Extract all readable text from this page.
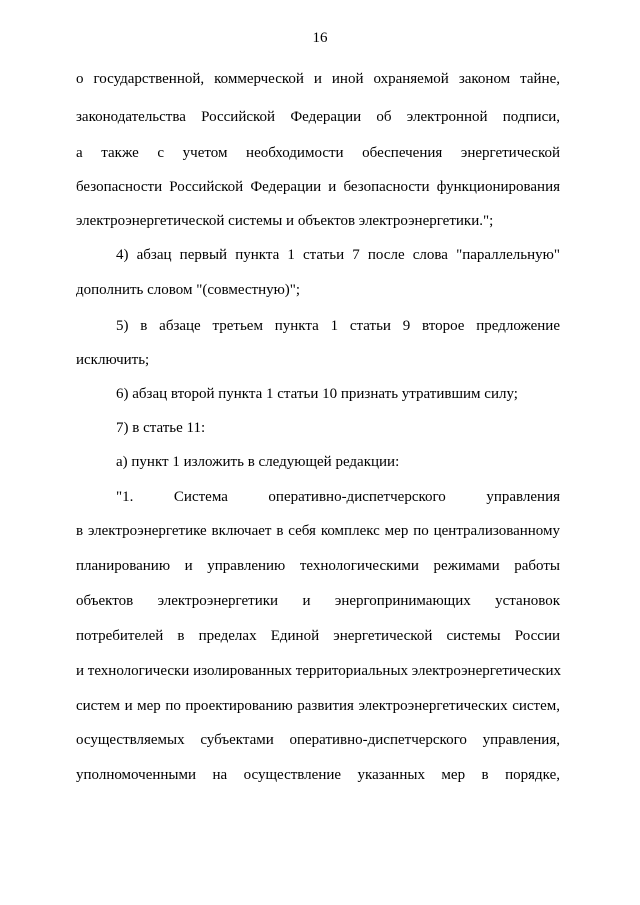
16
о государственной, коммерческой и иной охраняемой законом тайне,
законодательства Российской Федерации об электронной подписи,
а также с учетом необходимости обеспечения энергетической
безопасности Российской Федерации и безопасности функционирования
электроэнергетической системы и объектов электроэнергетики.";
4) абзац первый пункта 1 статьи 7 после слова "параллельную"
дополнить словом "(совместную)";
5) в абзаце третьем пункта 1 статьи 9 второе предложение
исключить;
6) абзац второй пункта 1 статьи 10 признать утратившим силу;
7) в статье 11:
а) пункт 1 изложить в следующей редакции:
"1. Система оперативно-диспетчерского управления
в электроэнергетике включает в себя комплекс мер по централизованному
планированию и управлению технологическими режимами работы
объектов электроэнергетики и энергопринимающих установок
потребителей в пределах Единой энергетической системы России
и технологически изолированных территориальных электроэнергетических
систем и мер по проектированию развития электроэнергетических систем,
осуществляемых субъектами оперативно-диспетчерского управления,
уполномоченными на осуществление указанных мер в порядке,
